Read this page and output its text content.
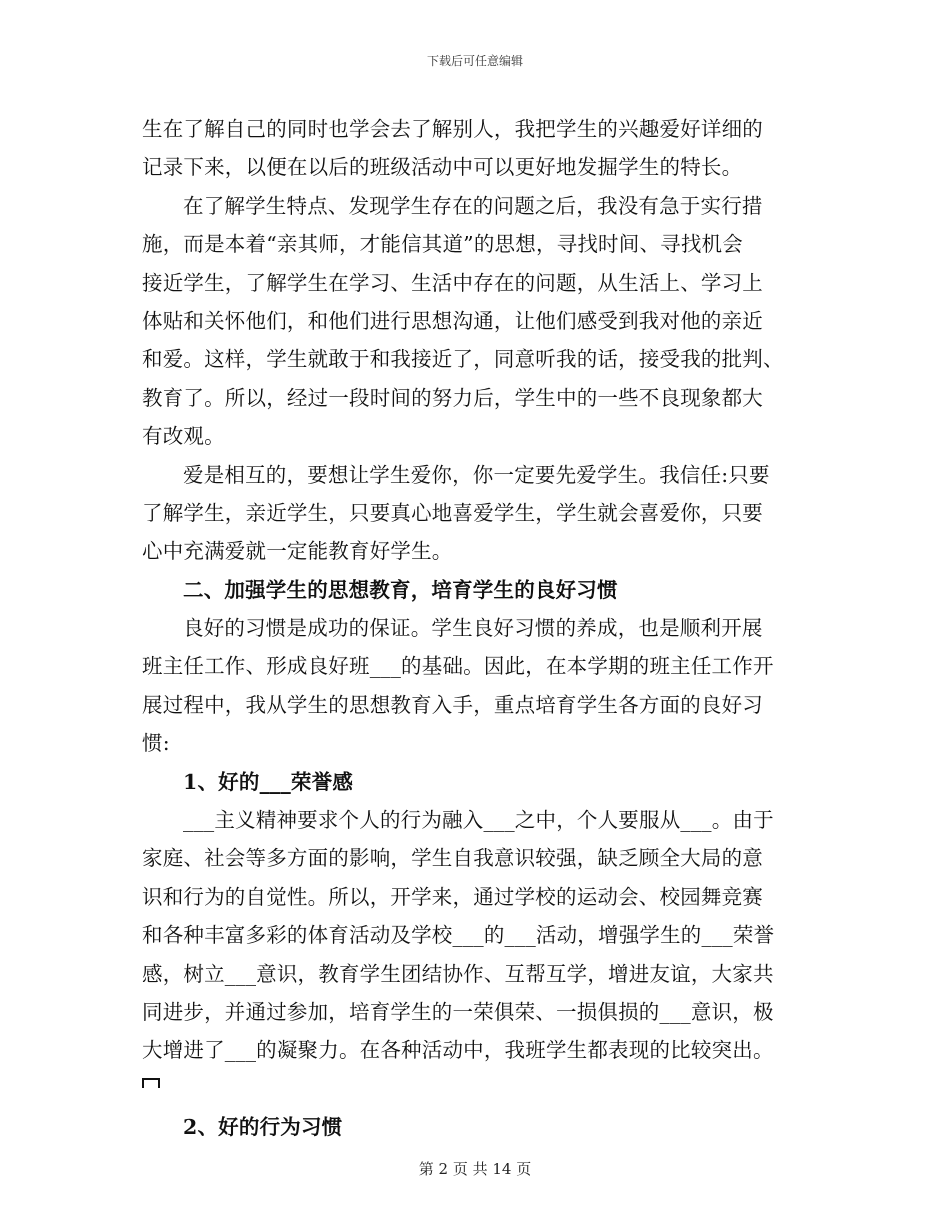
下载后可任意编辑
生在了解自己的同时也学会去了解别人，我把学生的兴趣爱好详细的
记录下来，以便在以后的班级活动中可以更好地发掘学生的特长。
在了解学生特点、发现学生存在的问题之后，我没有急于实行措
施，而是本着“亲其师，才能信其道”的思想，寻找时间、寻找机会
接近学生，了解学生在学习、生活中存在的问题，从生活上、学习上
体贴和关怀他们，和他们进行思想沟通，让他们感受到我对他的亲近
和爱。这样，学生就敢于和我接近了，同意听我的话，接受我的批判、
教育了。所以，经过一段时间的努力后，学生中的一些不良现象都大
有改观。
爱是相互的，要想让学生爱你，你一定要先爱学生。我信任:只要
了解学生，亲近学生，只要真心地喜爱学生，学生就会喜爱你，只要
心中充满爱就一定能教育好学生。
二、加强学生的思想教育，培育学生的良好习惯
良好的习惯是成功的保证。学生良好习惯的养成，也是顺利开展
班主任工作、形成良好班___的基础。因此，在本学期的班主任工作开
展过程中，我从学生的思想教育入手，重点培育学生各方面的良好习
惯:
1、好的___荣誉感
___主义精神要求个人的行为融入___之中，个人要服从___。由于
家庭、社会等多方面的影响，学生自我意识较强，缺乏顾全大局的意
识和行为的自觉性。所以，开学来，通过学校的运动会、校园舞竞赛
和各种丰富多彩的体育活动及学校___的___活动，增强学生的___荣誉
感，树立___意识，教育学生团结协作、互帮互学，增进友谊，大家共
同进步，并通过参加，培育学生的一荣俱荣、一损俱损的___意识，极
大增进了___的凝聚力。在各种活动中，我班学生都表现的比较突出。
2、好的行为习惯
第 2 页 共 14 页
